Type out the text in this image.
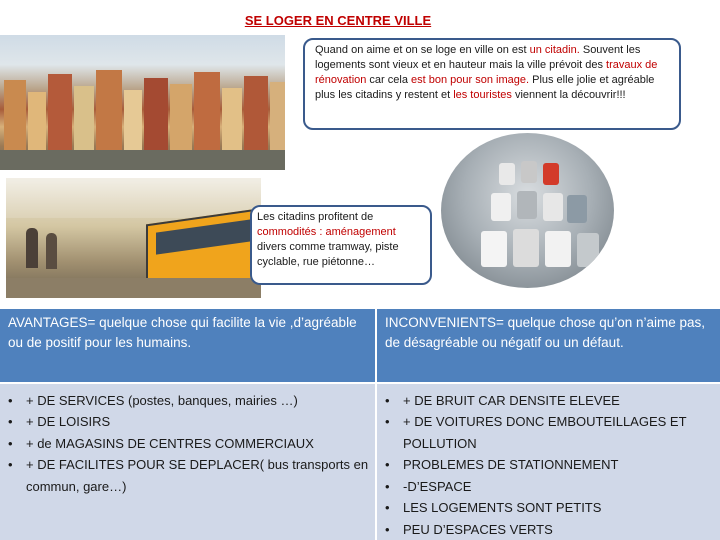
SE LOGER EN CENTRE VILLE
Quand on aime et on se loge en ville on est un citadin. Souvent les logements sont vieux et en hauteur mais la ville prévoit des travaux de rénovation car cela est bon pour son image. Plus elle jolie et agréable plus les citadins y restent et les touristes viennent la découvrir!!!
Les citadins profitent de commodités : aménagement divers comme tramway, piste cyclable, rue piétonne…
AVANTAGES= quelque chose qui facilite la vie ,d’agréable ou de positif pour les humains.
INCONVENIENTS= quelque chose qu’on n’aime pas, de désagréable ou négatif ou un défaut.
• + DE SERVICES (postes, banques, mairies …)
• + DE LOISIRS
• + de MAGASINS DE CENTRES COMMERCIAUX
• + DE FACILITES POUR SE DEPLACER( bus transports en commun, gare…)
• + DE BRUIT CAR DENSITE ELEVEE
• + DE VOITURES DONC EMBOUTEILLAGES ET POLLUTION
• PROBLEMES DE STATIONNEMENT
• -D’ESPACE
• LES LOGEMENTS SONT PETITS
• PEU D’ESPACES VERTS
